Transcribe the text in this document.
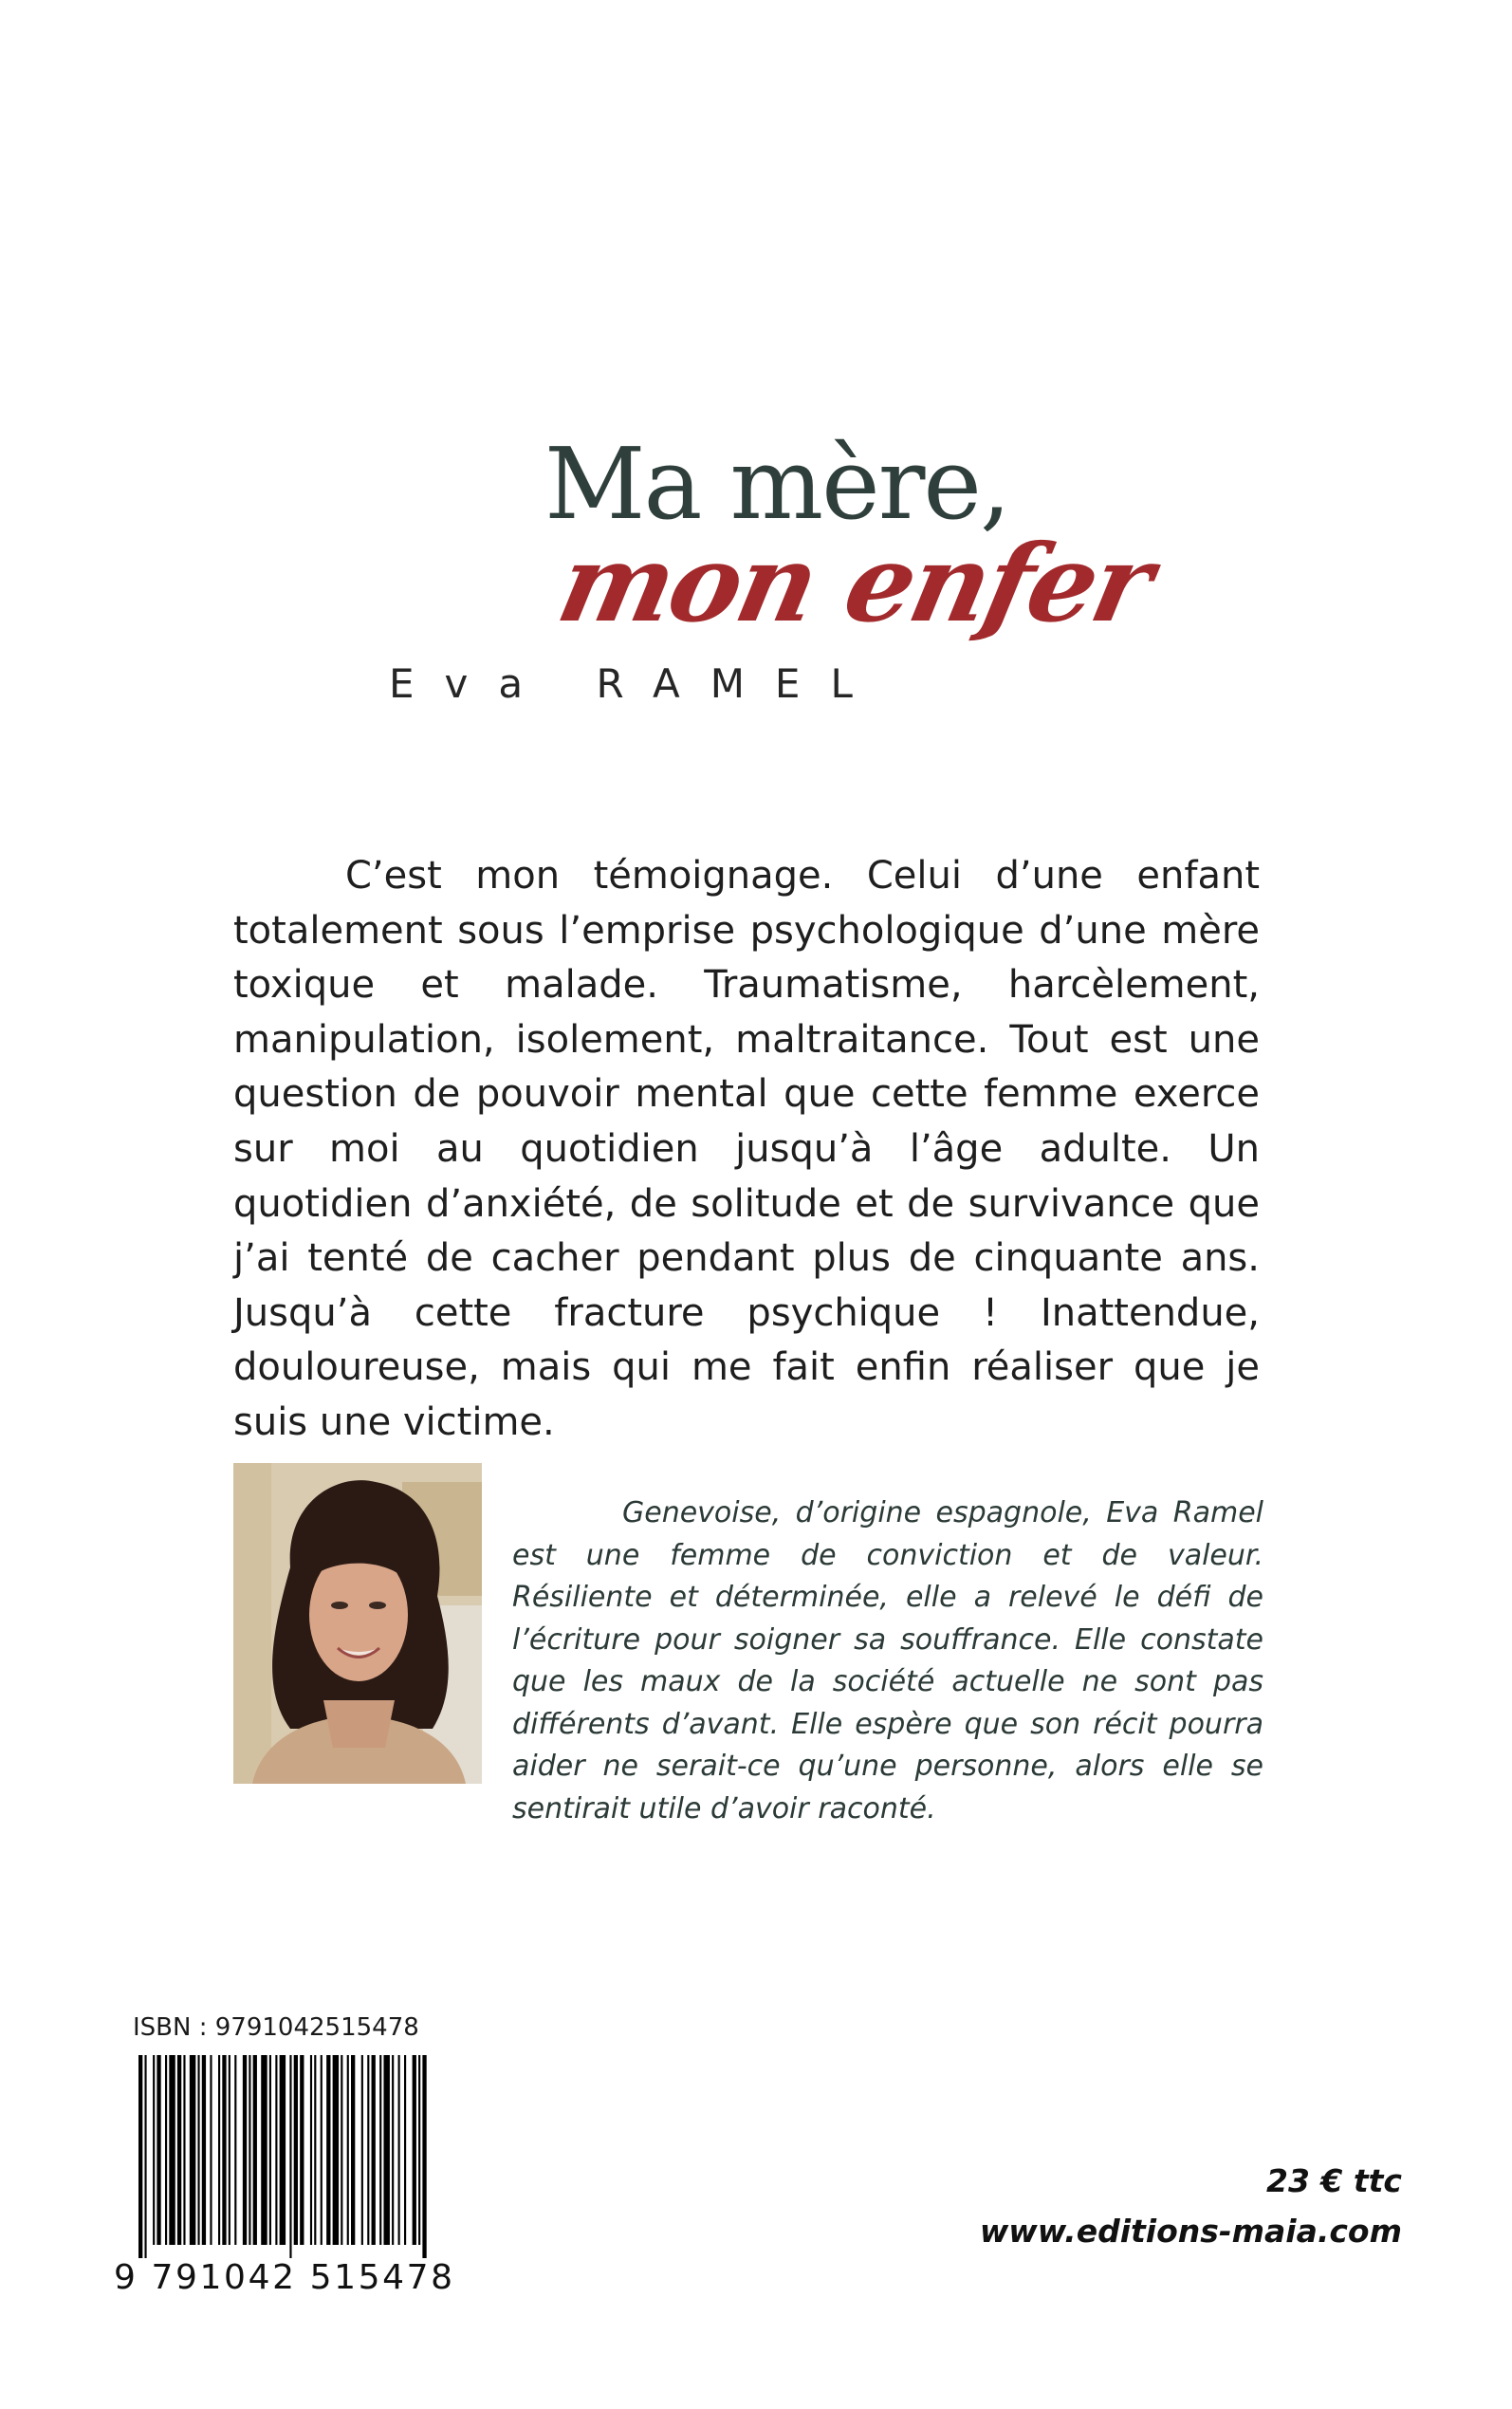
Ma mère,
mon enfer
Eva RAMEL

C’est mon témoignage. Celui d’une enfant totalement sous l’emprise psychologique d’une mère toxique et malade. Traumatisme, harcèlement, manipulation, isolement, maltraitance. Tout est une question de pouvoir mental que cette femme exerce sur moi au quotidien jusqu’à l’âge adulte. Un quotidien d’anxiété, de solitude et de survivance que j’ai tenté de cacher pendant plus de cinquante ans. Jusqu’à cette fracture psychique ! Inattendue, douloureuse, mais qui me fait enfin réaliser que je suis une victime.

Genevoise, d’origine espagnole, Eva Ramel est une femme de conviction et de valeur. Résiliente et déterminée, elle a relevé le défi de l’écriture pour soigner sa souffrance. Elle constate que les maux de la société actuelle ne sont pas différents d’avant. Elle espère que son récit pourra aider ne serait-ce qu’une personne, alors elle se sentirait utile d’avoir raconté.

ISBN : 9791042515478
9 791042 515478
23 € ttc
www.editions-maia.com
